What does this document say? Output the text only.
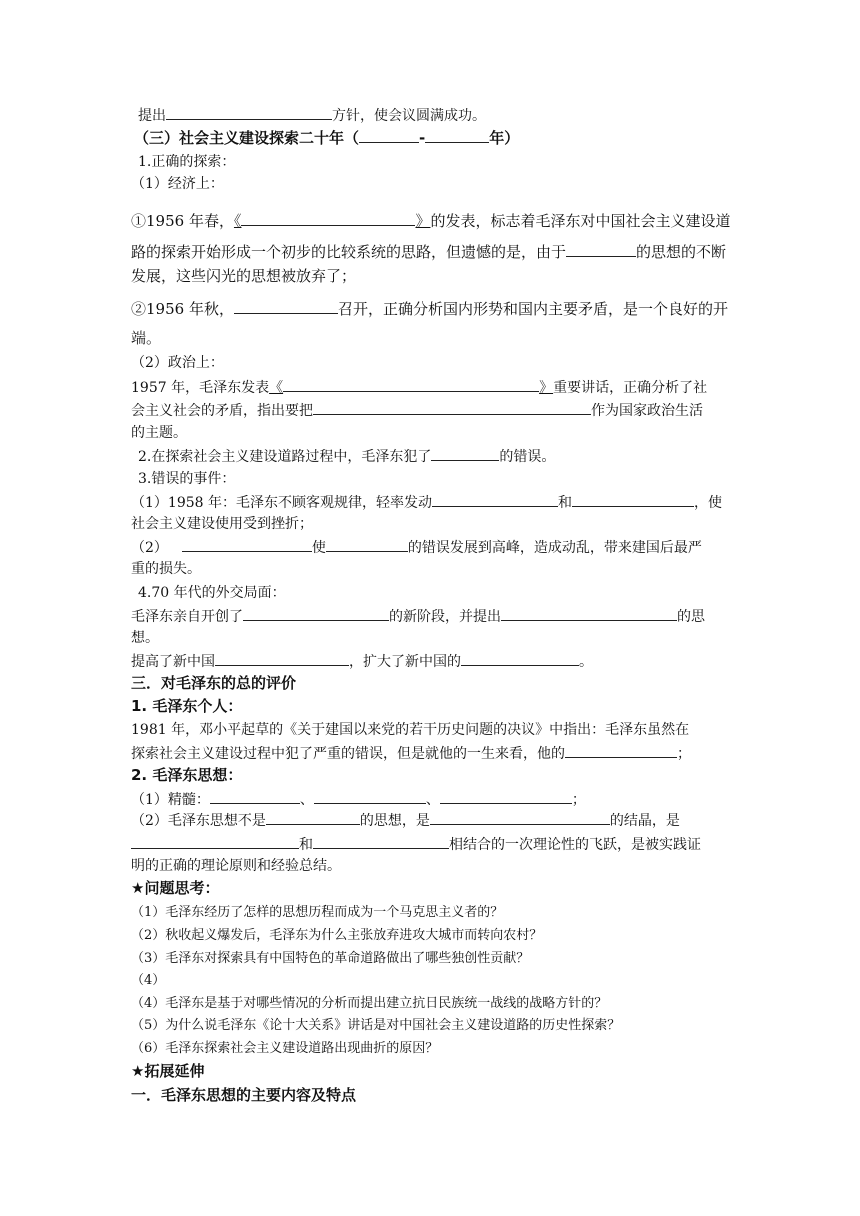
提出	方针，使会议圆满成功。
（三）社会主义建设探索二十年（	-	年）
1.正确的探索：
（1）经济上：
①1956 年春，《	》的发表，标志着毛泽东对中国社会主义建设道
路的探索开始形成一个初步的比较系统的思路，但遗憾的是，由于	的思想的不断
发展，这些闪光的思想被放弃了；
②1956 年秋，	召开，正确分析国内形势和国内主要矛盾，是一个良好的开
端。
（2）政治上：
1957 年，毛泽东发表《	》重要讲话，正确分析了社
会主义社会的矛盾，指出要把	作为国家政治生活
的主题。
2.在探索社会主义建设道路过程中，毛泽东犯了	的错误。
3.错误的事件：
（1）1958 年：毛泽东不顾客观规律，轻率发动	和	，使
社会主义建设使用受到挫折；
（2）	使	的错误发展到高峰，造成动乱，带来建国后最严
重的损失。
4.70 年代的外交局面：
毛泽东亲自开创了	的新阶段，并提出	的思
想。
提高了新中国	，扩大了新中国的	。
三．对毛泽东的总的评价
1. 毛泽东个人：
1981 年，邓小平起草的《关于建国以来党的若干历史问题的决议》中指出：毛泽东虽然在
探索社会主义建设过程中犯了严重的错误，但是就他的一生来看，他的	；
2. 毛泽东思想：
（1）精髓：	、	、	；
（2）毛泽东思想不是	的思想，是	的结晶，是
和	相结合的一次理论性的飞跃，是被实践证
明的正确的理论原则和经验总结。
★问题思考：
（1）毛泽东经历了怎样的思想历程而成为一个马克思主义者的？
（2）秋收起义爆发后，毛泽东为什么主张放弃进攻大城市而转向农村？
（3）毛泽东对探索具有中国特色的革命道路做出了哪些独创性贡献？
（4）
（4）毛泽东是基于对哪些情况的分析而提出建立抗日民族统一战线的战略方针的？
（5）为什么说毛泽东《论十大关系》讲话是对中国社会主义建设道路的历史性探索？
（6）毛泽东探索社会主义建设道路出现曲折的原因？
★拓展延伸
一．毛泽东思想的主要内容及特点
